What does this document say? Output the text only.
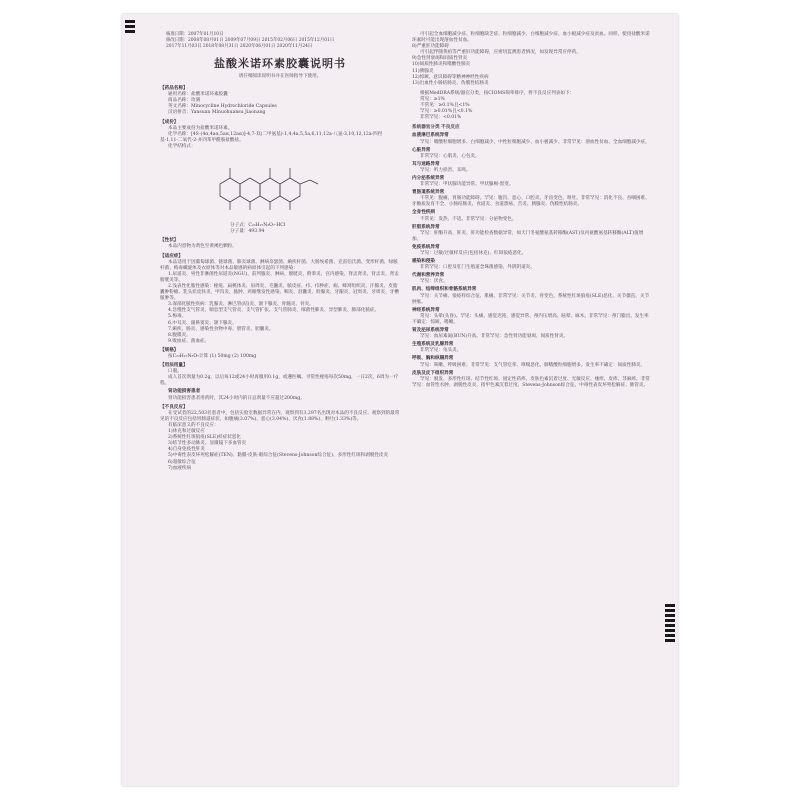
核准日期：2007年01月10日
修改日期：2008年08月01日 2009年07月09日 2015年02月06日 2015年12月01日
2017年11月03日 2018年08月31日 2020年06月01日 2020年11月24日
盐酸米诺环素胶囊说明书
请仔细阅读说明书并在医师指导下使用。
【药品名称】
通用名称：盐酸米诺环素胶囊
商品名称：玫满
英文名称：Minocycline Hydrochloride Capsules
汉语拼音：Yansuan Minuohuansu Jiaonang
【成份】
本品主要成份为盐酸米诺环素。
化学名称：[4S-(4α,4aα,5aα,12aα)]-4,7-双(二甲氨基)-1,4,4a,5,5a,6,11,12a-八氢-3,10,12,12a-四羟基-1,11-二氧代-2-并四苯甲酰胺盐酸盐。
化学结构式：
分子式：C₂₃H₂₇N₃O₇·HCl
分子量：493.94
【性状】
本品内容物为黄色至黄褐色颗粒。
【适应症】
本品适用于因葡萄球菌、链球菌、肺炎球菌、淋病奈瑟菌、痢疾杆菌、大肠埃希菌、克雷伯氏菌、变形杆菌、绿脓杆菌、梅毒螺旋体及衣原体等对本品敏感的病原体引起的下列感染：
1.尿道炎、男性非淋菌性尿道炎(NGU)、前列腺炎、淋病、膀胱炎、附睾炎、宫内感染、肾盂肾炎、肾盂炎、肾盂膀胱炎等。
2.浅表性化脓性感染：痤疮、扁桃体炎、肩周炎、毛囊炎、脓皮症、疖、疖肿症、痈、蜂窝组织炎、汗腺炎、皮脂囊肿粉瘤、乳头状皮肤炎、甲沟炎、脓肿、鸡眼继发性感染、咽炎、泪囊炎、睑腺炎、牙龈炎、冠周炎、牙周炎、牙槽脓肿等。
3.深部化脓性疾病：乳腺炎、淋巴管(结)炎、颌下腺炎、骨髓炎、骨炎。
4.急慢性支气管炎、喘息型支气管炎、支气管扩张、支气管肺炎、细菌性肺炎、异型肺炎、肺部化脓症。
5.梅毒。
6.中耳炎、副鼻窦炎、颌下腺炎。
7.痢疾、肠炎、感染性食物中毒、胆管炎、胆囊炎。
8.腹膜炎。
9.败血症、菌血症。
【规格】
按C₂₃H₂₇N₃O₇计算 (1) 50mg (2) 100mg
【用法用量】
口服。
成人首次剂量为0.2g，以后每12或24小时再服用0.1g，或遵医嘱。寻常性痤疮每次50mg，一日2次，6周为一疗程。
肾功能损害患者
肾功能损害患者用药时，其24小时内的日总剂量不应超过200mg。
【不良反应】
在受试者的22,503名患者中，包括实验室数据异常在内，观察到有3,297名出现对本品的不良反应。观察到的最常见的不良反应包括胃肠道症状，如腹痛(3.07%)、恶心(3.04%)、厌食(1.88%)、呕吐(1.33%)等。
有临床意义的不良反应：
1)休克和过敏反应
2)系统性红斑狼疮(SLE)样症状恶化
3)结节性多动脉炎、显微镜下多血管炎
4)自身免疫性肝炎
5)中毒性表皮坏死松解症(TEN)、黏膜-皮肤-眼综合征(Stevens-Johnson综合征)、多形性红斑和剥脱性皮炎
6)超敏综合征
7)血液疾病
可引起全血细胞减少症、粒细胞缺乏症、粒细胞减少、白细胞减少症、血小板减少症及贫血。同样，使用盐酸米诺环素时可能出现溶血性贫血。
8)严重肝功能障碍
可引起伴随黄疸等严重肝功能障碍，应密切监测患者情况，如发现异常应停药。
9)急性肾衰竭和间质性肾炎
10)间质性肺炎和嗜酸性肺炎
11)胰腺炎
12)惊厥、意识障碍等精神神经性疾病
13)出血性小肠结肠炎、伪膜性结肠炎
根据MedDRA系统/器官分类，按CIOMS频率排序，将不良反应列表如下：
常见：≥1%
不常见：≥0.1%且<1%
罕见：≥0.01%且<0.1%
非常罕见：<0.01%
系统器官分类 不良反应
血液淋巴系统异常
罕见：嗜酸粒细胞增多、白细胞减少、中性粒细胞减少、血小板减少。非常罕见：溶血性贫血、全血细胞减少症。
心脏异常
非常罕见：心肌炎、心包炎。
耳与迷路异常
罕见：听力损害、耳鸣。
内分泌系统异常
非常罕见：甲状腺功能异常、甲状腺褐-黑变。
胃肠道系统异常
不常见：腹痛、胃肠功能障碍。罕见：腹泻、恶心、口腔炎、牙齿变色、呕吐。非常罕见：消化不良、吞咽困难、牙釉质发育不全、小肠结肠炎、食道炎、食道溃疡、舌炎、胰腺炎、伪膜性结肠炎。
全身性疾病
不常见：发热、不适。非常罕见：分泌物变色。
肝胆系统异常
罕见：肝酶升高、肝炎、肝功能检查数据异常，如天门冬氨酸氨基转移酶(AST)及丙氨酸氨基转移酶(ALT)值增加。
免疫系统异常
罕见：过敏/过敏样反应(包括休克)、红斑狼疮恶化。
感染和侵染
非常罕见：口腔及肛门生殖道念珠菌感染、外阴阴道炎。
代谢和营养异常
罕见：厌食。
肌肉、结缔组织和骨骼系统异常
罕见：关节痛、狼疮样综合征、肌痛。非常罕见：关节炎、骨变色、系统性红斑狼疮(SLE)恶化、关节僵直、关节肿胀。
神经系统异常
常见：头晕(头昏)。罕见：头痛、感觉迟钝、感觉异常、颅内压增高、眩晕、麻木。非常罕见：颅门膨出。发生率不确定：惊厥、嗜睡。
肾及泌尿系统异常
罕见：血尿素氮(BUN)升高。非常罕见：急性肾功能衰竭、间质性肾炎。
生殖系统及乳腺异常
非常罕见：龟头炎。
呼吸、胸和纵隔异常
罕见：咳嗽、呼吸困难。非常罕见：支气管痉挛、哮喘恶化、肺嗜酸粒细胞增多。发生率不确定：间质性肺炎。
皮肤及皮下组织异常
罕见：脱发、多形性红斑、结节性红斑、固定性药疹、皮肤色素沉着过度、光敏反应、瘙痒、皮疹、荨麻疹。非常罕见：血管性水肿、剥脱性皮炎、指甲色素沉着过度、Stevens-Johnson综合征、中毒性表皮坏死松解症、脉管炎。
